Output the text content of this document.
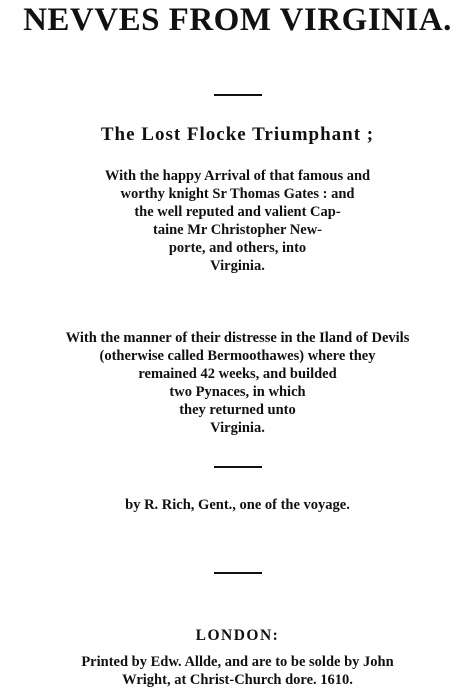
NEVVES FROM VIRGINIA.
The Lost Flocke Triumphant ;
With the happy Arrival of that famous and
worthy knight Sr Thomas Gates : and
the well reputed and valient Cap-
taine Mr Christopher New-
porte, and others, into
Virginia.
With the manner of their distresse in the Iland of Devils
(otherwise called Bermoothawes) where they
remained 42 weeks, and builded
two Pynaces, in which
they returned unto
Virginia.
by R. Rich, Gent., one of the voyage.
LONDON:
Printed by Edw. Allde, and are to be solde by John
Wright, at Christ-Church dore. 1610.
